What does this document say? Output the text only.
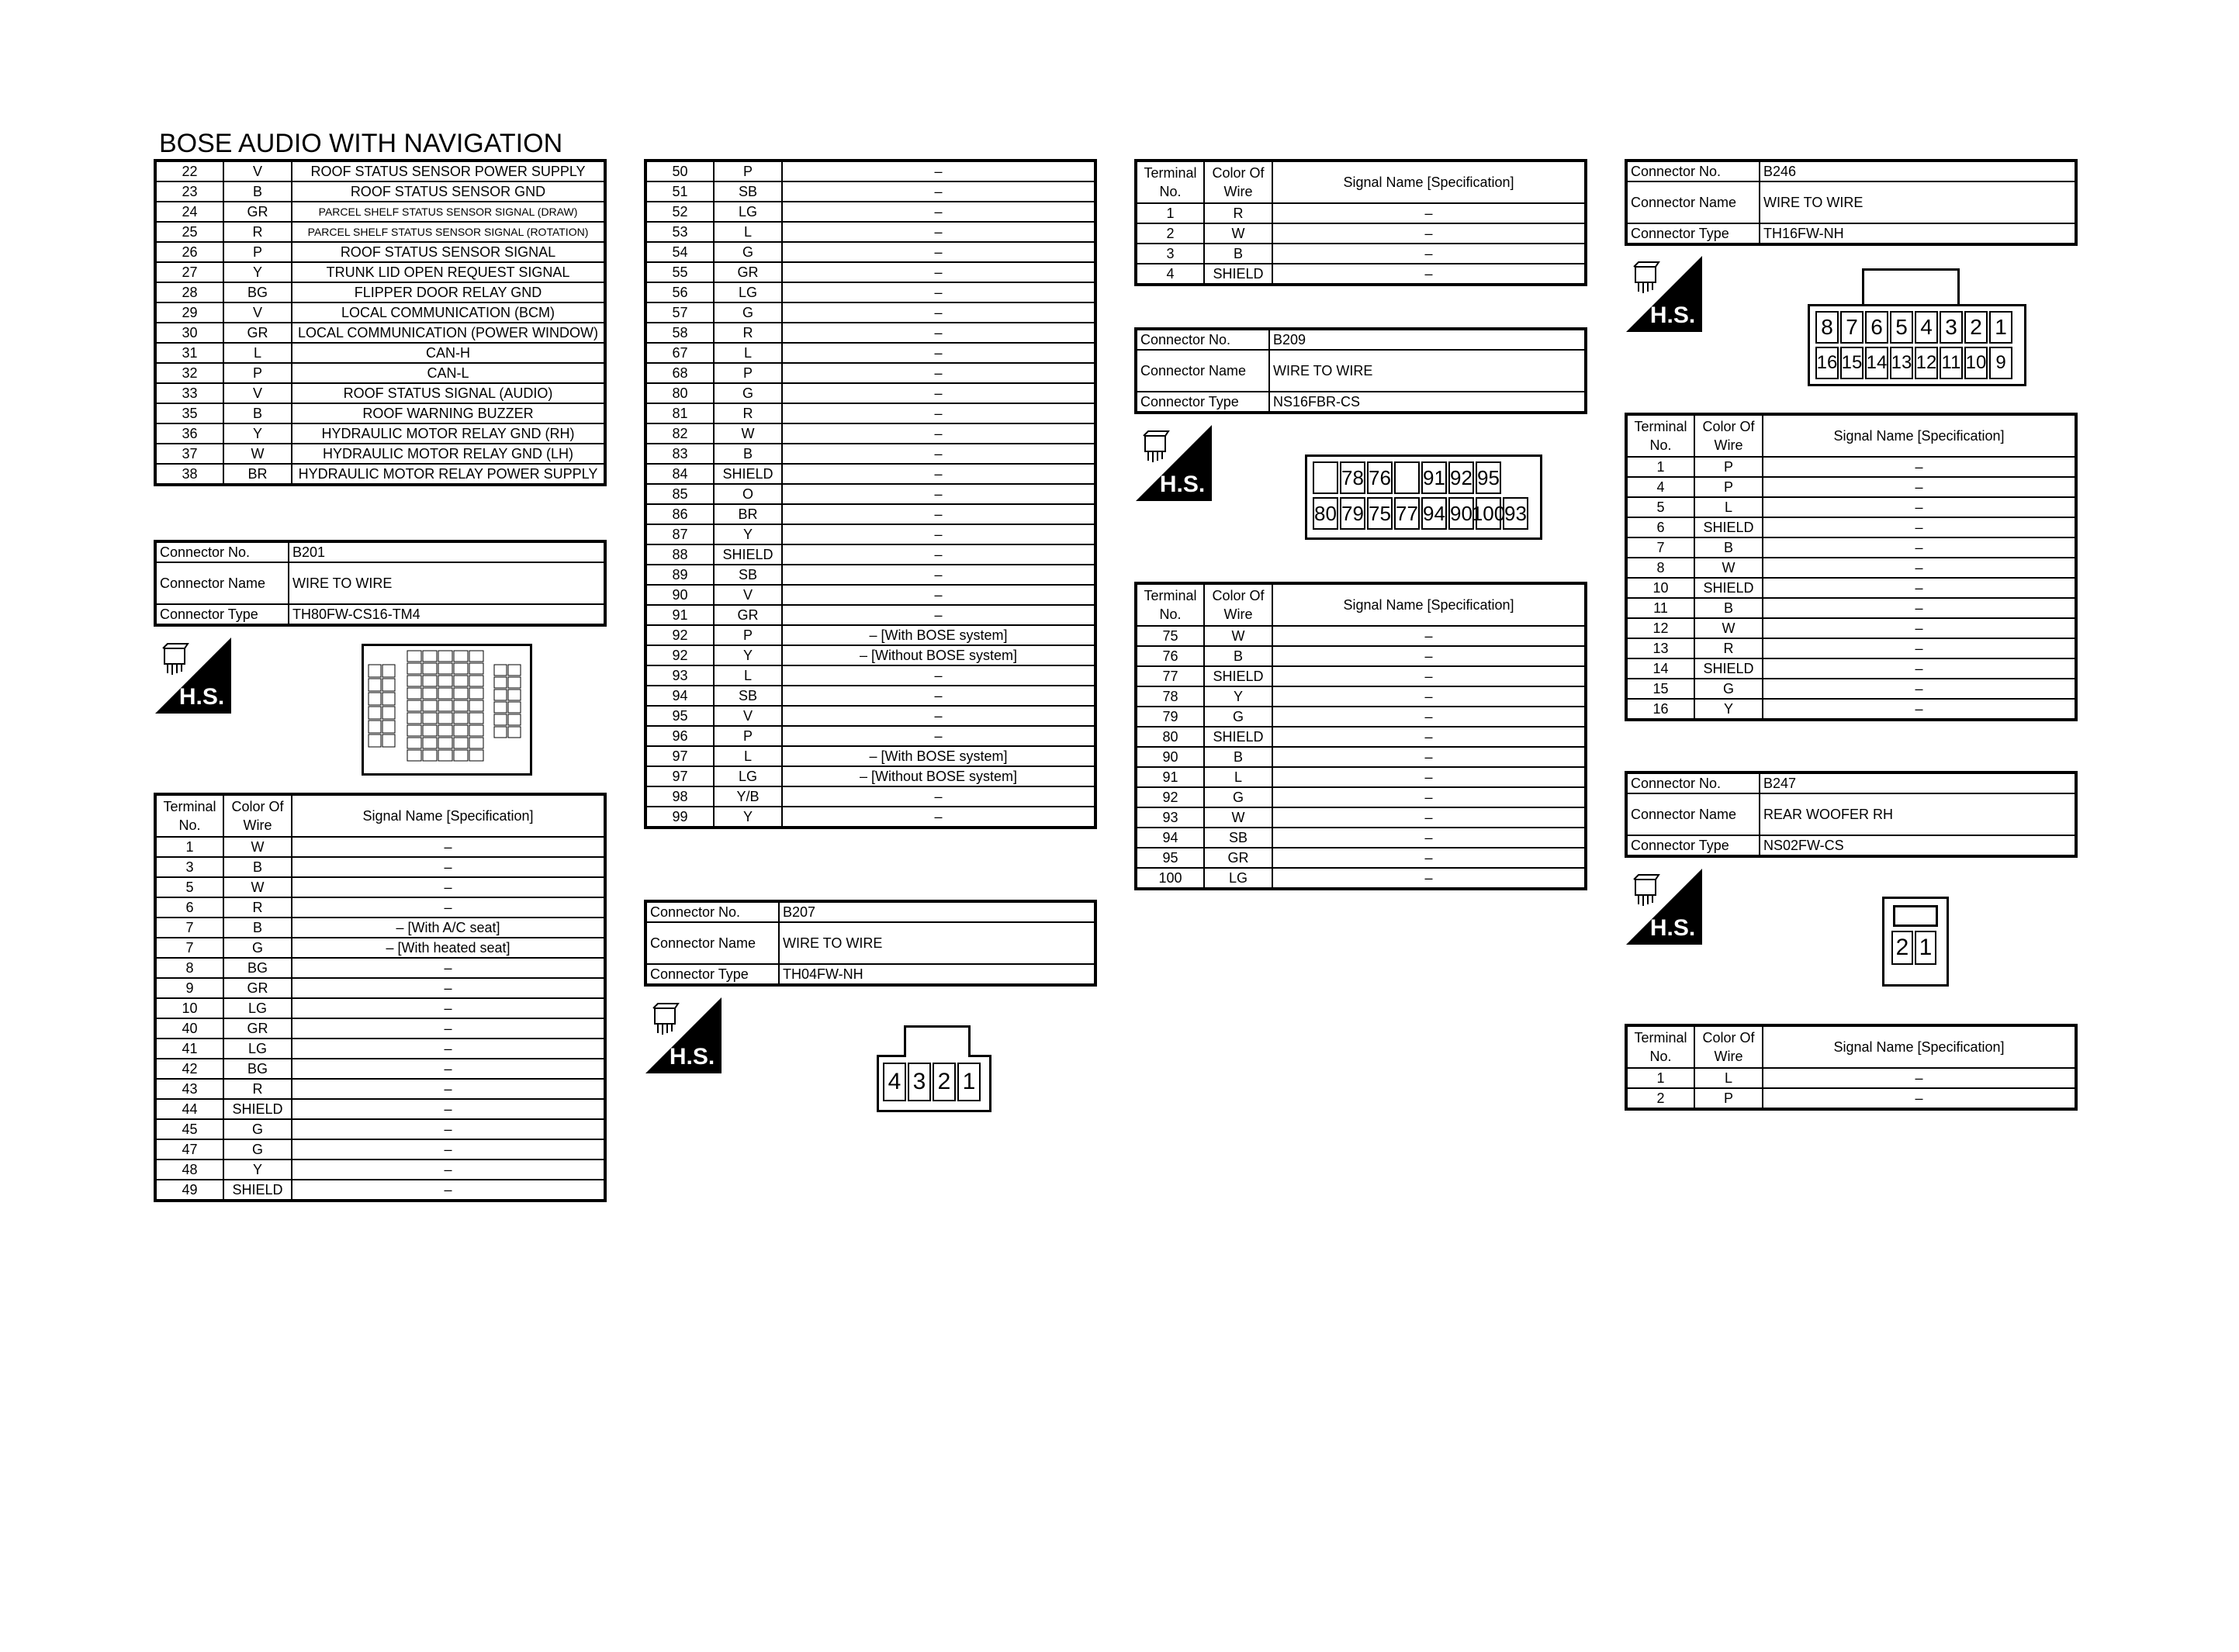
BOSE AUDIO WITH NAVIGATION
22	V	ROOF STATUS SENSOR POWER SUPPLY
23	B	ROOF STATUS SENSOR GND
24	GR	PARCEL SHELF STATUS SENSOR SIGNAL (DRAW)
25	R	PARCEL SHELF STATUS SENSOR SIGNAL (ROTATION)
26	P	ROOF STATUS SENSOR SIGNAL
27	Y	TRUNK LID OPEN REQUEST SIGNAL
28	BG	FLIPPER DOOR RELAY GND
29	V	LOCAL COMMUNICATION (BCM)
30	GR	LOCAL COMMUNICATION (POWER WINDOW)
31	L	CAN-H
32	P	CAN-L
33	V	ROOF STATUS SIGNAL (AUDIO)
35	B	ROOF WARNING BUZZER
36	Y	HYDRAULIC MOTOR RELAY GND (RH)
37	W	HYDRAULIC MOTOR RELAY GND (LH)
38	BR	HYDRAULIC MOTOR RELAY POWER SUPPLY
Connector No.	B201
Connector Name	WIRE TO WIRE
Connector Type	TH80FW-CS16-TM4
H.S.
Terminal No.	Color Of Wire	Signal Name [Specification]
1	W	–
3	B	–
5	W	–
6	R	–
7	B	– [With A/C seat]
7	G	– [With heated seat]
8	BG	–
9	GR	–
10	LG	–
40	GR	–
41	LG	–
42	BG	–
43	R	–
44	SHIELD	–
45	G	–
47	G	–
48	Y	–
49	SHIELD	–
50	P	–
51	SB	–
52	LG	–
53	L	–
54	G	–
55	GR	–
56	LG	–
57	G	–
58	R	–
67	L	–
68	P	–
80	G	–
81	R	–
82	W	–
83	B	–
84	SHIELD	–
85	O	–
86	BR	–
87	Y	–
88	SHIELD	–
89	SB	–
90	V	–
91	GR	–
92	P	– [With BOSE system]
92	Y	– [Without BOSE system]
93	L	–
94	SB	–
95	V	–
96	P	–
97	L	– [With BOSE system]
97	LG	– [Without BOSE system]
98	Y/B	–
99	Y	–
Connector No.	B207
Connector Name	WIRE TO WIRE
Connector Type	TH04FW-NH
H.S.
4 3 2 1
Terminal No.	Color Of Wire	Signal Name [Specification]
1	R	–
2	W	–
3	B	–
4	SHIELD	–
Connector No.	B209
Connector Name	WIRE TO WIRE
Connector Type	NS16FBR-CS
H.S.	78 76 91 92 95
80 79 75 77 94 90
100
93
Terminal No.	Color Of Wire	Signal Name [Specification]
75	W	–
76	B	–
77	SHIELD	–
78	Y	–
79	G	–
80	SHIELD	–
90	B	–
91	L	–
92	G	–
93	W	–
94	SB	–
95	GR	–
100	LG	–
Connector No.	B246
Connector Name	WIRE TO WIRE
Connector Type	TH16FW-NH
H.S.	8 7 6 5 4 3 2 1
16 15 14 13 12 11 10 9
Terminal No.	Color Of Wire	Signal Name [Specification]
1	P	–
4	P	–
5	L	–
6	SHIELD	–
7	B	–
8	W	–
10	SHIELD	–
11	B	–
12	W	–
13	R	–
14	SHIELD	–
15	G	–
16	Y	–
Connector No.	B247
Connector Name	REAR WOOFER RH
Connector Type	NS02FW-CS
H.S.
2 1
Terminal No.	Color Of Wire	Signal Name [Specification]
1	L	–
2	P	–
